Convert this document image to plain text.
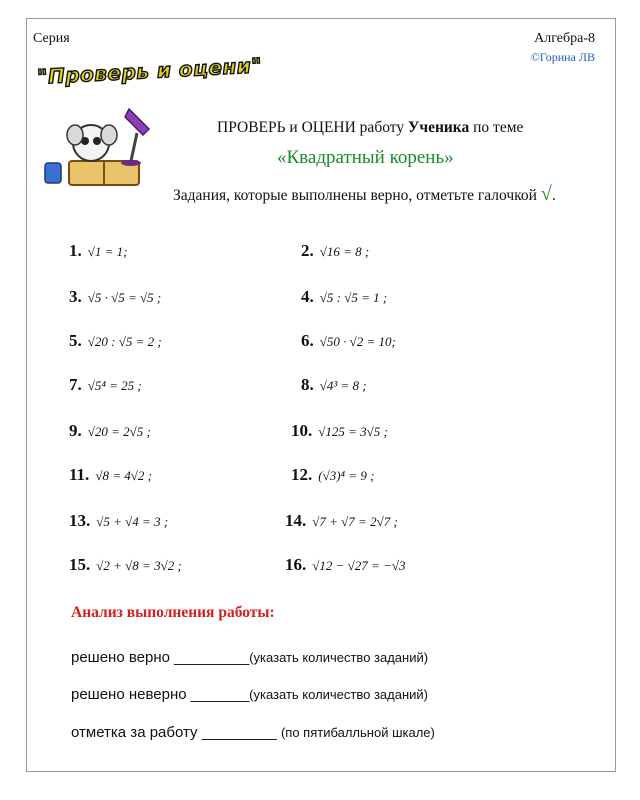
Серия	Алгебра-8
©Горина ЛВ
"Проверь и оцени"
ПРОВЕРЬ и ОЦЕНИ работу Ученика по теме
«Квадратный корень»
Задания, которые выполнены верно, отметьте галочкой √.
1. √1 = 1;
3. √5 · √5 = √5 ;
5. √20 : √5 = 2 ;
7. √5⁴ = 25 ;
9. √20 = 2√5 ;
11. √8 = 4√2 ;
13. √5 + √4 = 3 ;
15. √2 + √8 = 3√2 ;
2. √16 = 8 ;
4. √5 : √5 = 1 ;
6. √50 · √2 = 10;
8. √4³ = 8 ;
10. √125 = 3√5 ;
12. (√3)⁴ = 9 ;
14. √7 + √7 = 2√7 ;
16. √12 − √27 = −√3
Анализ выполнения работы:
решено верно _________(указать количество заданий)
решено неверно _______(указать количество заданий)
отметка за работу _________ (по пятибалльной шкале)
